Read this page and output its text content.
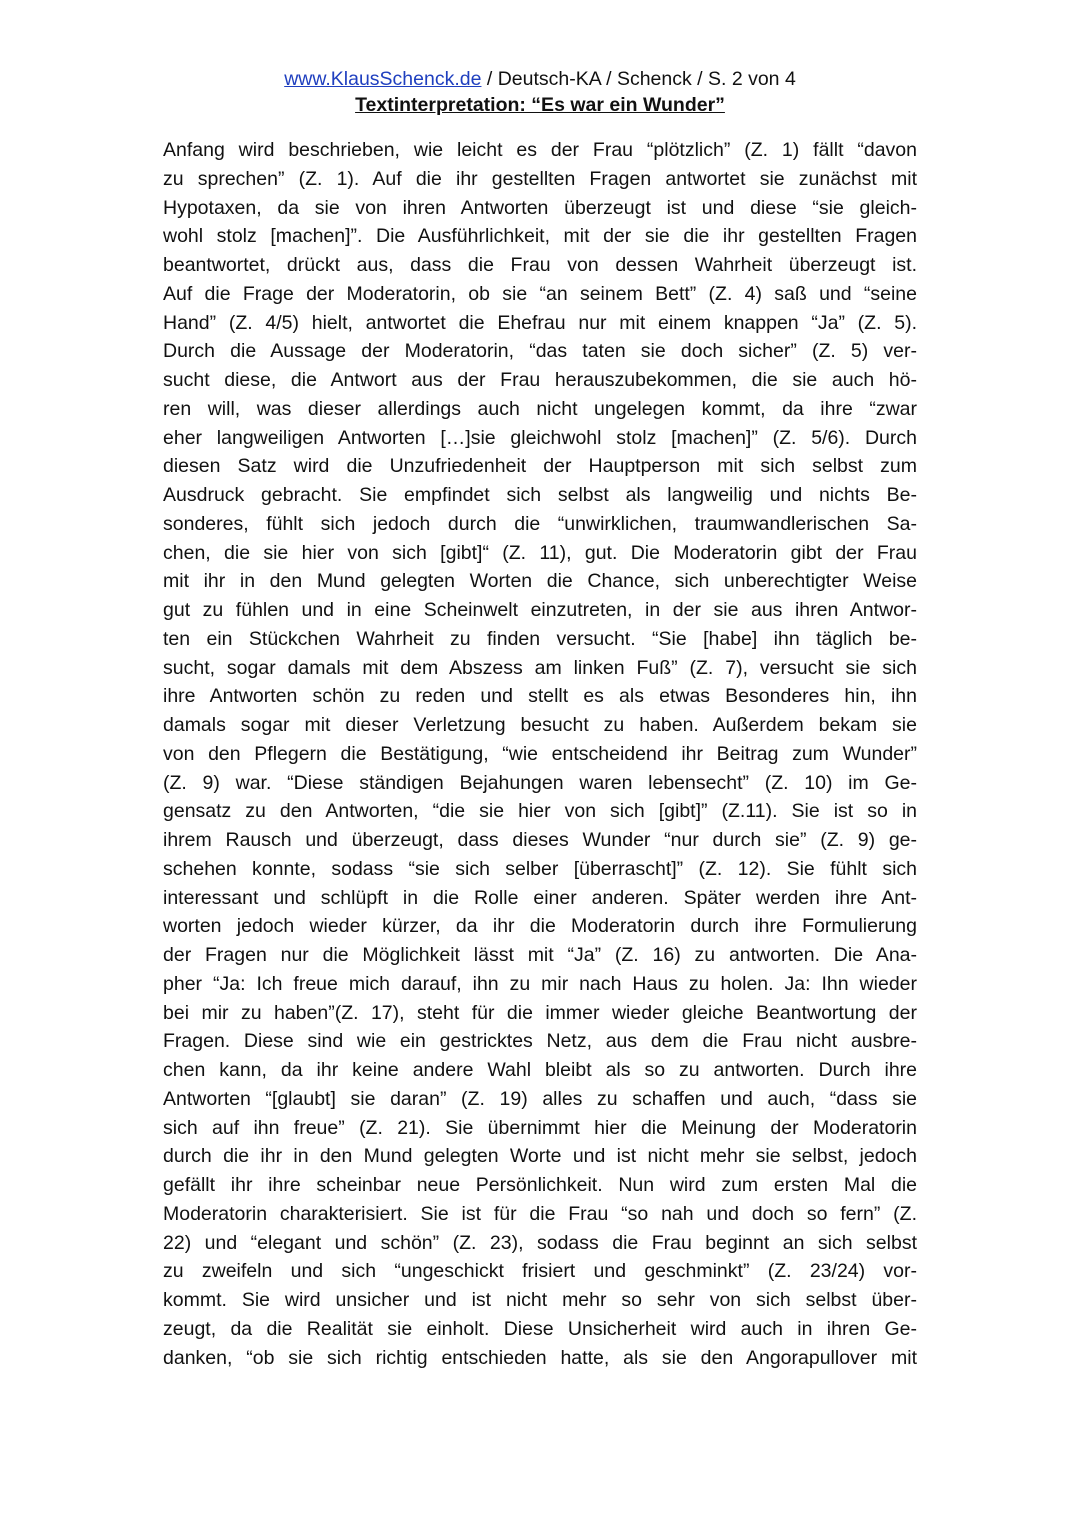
www.KlausSchenck.de / Deutsch-KA / Schenck / S. 2 von 4
Textinterpretation: “Es war ein Wunder”
Anfang wird beschrieben, wie leicht es der Frau “plötzlich” (Z. 1) fällt “davon
zu sprechen” (Z. 1). Auf die ihr gestellten Fragen antwortet sie zunächst mit
Hypotaxen, da sie von ihren Antworten überzeugt ist und diese “sie gleich-
wohl stolz [machen]”. Die Ausführlichkeit, mit der sie die ihr gestellten Fragen
beantwortet, drückt aus, dass die Frau von dessen Wahrheit überzeugt ist.
Auf die Frage der Moderatorin, ob sie “an seinem Bett” (Z. 4) saß und “seine
Hand” (Z. 4/5) hielt, antwortet die Ehefrau nur mit einem knappen “Ja” (Z. 5).
Durch die Aussage der Moderatorin, “das taten sie doch sicher” (Z. 5) ver-
sucht diese, die Antwort aus der Frau herauszubekommen, die sie auch hö-
ren will, was dieser allerdings auch nicht ungelegen kommt, da ihre “zwar
eher langweiligen Antworten […]sie gleichwohl stolz [machen]” (Z. 5/6). Durch
diesen Satz wird die Unzufriedenheit der Hauptperson mit sich selbst zum
Ausdruck gebracht. Sie empfindet sich selbst als langweilig und nichts Be-
sonderes, fühlt sich jedoch durch die “unwirklichen, traumwandlerischen Sa-
chen, die sie hier von sich [gibt]“ (Z. 11), gut. Die Moderatorin gibt der Frau
mit ihr in den Mund gelegten Worten die Chance, sich unberechtigter Weise
gut zu fühlen und in eine Scheinwelt einzutreten, in der sie aus ihren Antwor-
ten ein Stückchen Wahrheit zu finden versucht. “Sie [habe] ihn täglich be-
sucht, sogar damals mit dem Abszess am linken Fuß” (Z. 7), versucht sie sich
ihre Antworten schön zu reden und stellt es als etwas Besonderes hin, ihn
damals sogar mit dieser Verletzung besucht zu haben. Außerdem bekam sie
von den Pflegern die Bestätigung, “wie entscheidend ihr Beitrag zum Wunder”
(Z. 9) war. “Diese ständigen Bejahungen waren lebensecht” (Z. 10) im Ge-
gensatz zu den Antworten, “die sie hier von sich [gibt]” (Z.11). Sie ist so in
ihrem Rausch und überzeugt, dass dieses Wunder “nur durch sie” (Z. 9) ge-
schehen konnte, sodass “sie sich selber [überrascht]” (Z. 12). Sie fühlt sich
interessant und schlüpft in die Rolle einer anderen. Später werden ihre Ant-
worten jedoch wieder kürzer, da ihr die Moderatorin durch ihre Formulierung
der Fragen nur die Möglichkeit lässt mit “Ja” (Z. 16) zu antworten. Die Ana-
pher “Ja: Ich freue mich darauf, ihn zu mir nach Haus zu holen. Ja: Ihn wieder
bei mir zu haben”(Z. 17), steht für die immer wieder gleiche Beantwortung der
Fragen. Diese sind wie ein gestricktes Netz, aus dem die Frau nicht ausbre-
chen kann, da ihr keine andere Wahl bleibt als so zu antworten. Durch ihre
Antworten “[glaubt] sie daran” (Z. 19) alles zu schaffen und auch, “dass sie
sich auf ihn freue” (Z. 21). Sie übernimmt hier die Meinung der Moderatorin
durch die ihr in den Mund gelegten Worte und ist nicht mehr sie selbst, jedoch
gefällt ihr ihre scheinbar neue Persönlichkeit. Nun wird zum ersten Mal die
Moderatorin charakterisiert. Sie ist für die Frau “so nah und doch so fern” (Z.
22) und “elegant und schön” (Z. 23), sodass die Frau beginnt an sich selbst
zu zweifeln und sich “ungeschickt frisiert und geschminkt” (Z. 23/24) vor-
kommt. Sie wird unsicher und ist nicht mehr so sehr von sich selbst über-
zeugt, da die Realität sie einholt. Diese Unsicherheit wird auch in ihren Ge-
danken, “ob sie sich richtig entschieden hatte, als sie den Angorapullover mit
